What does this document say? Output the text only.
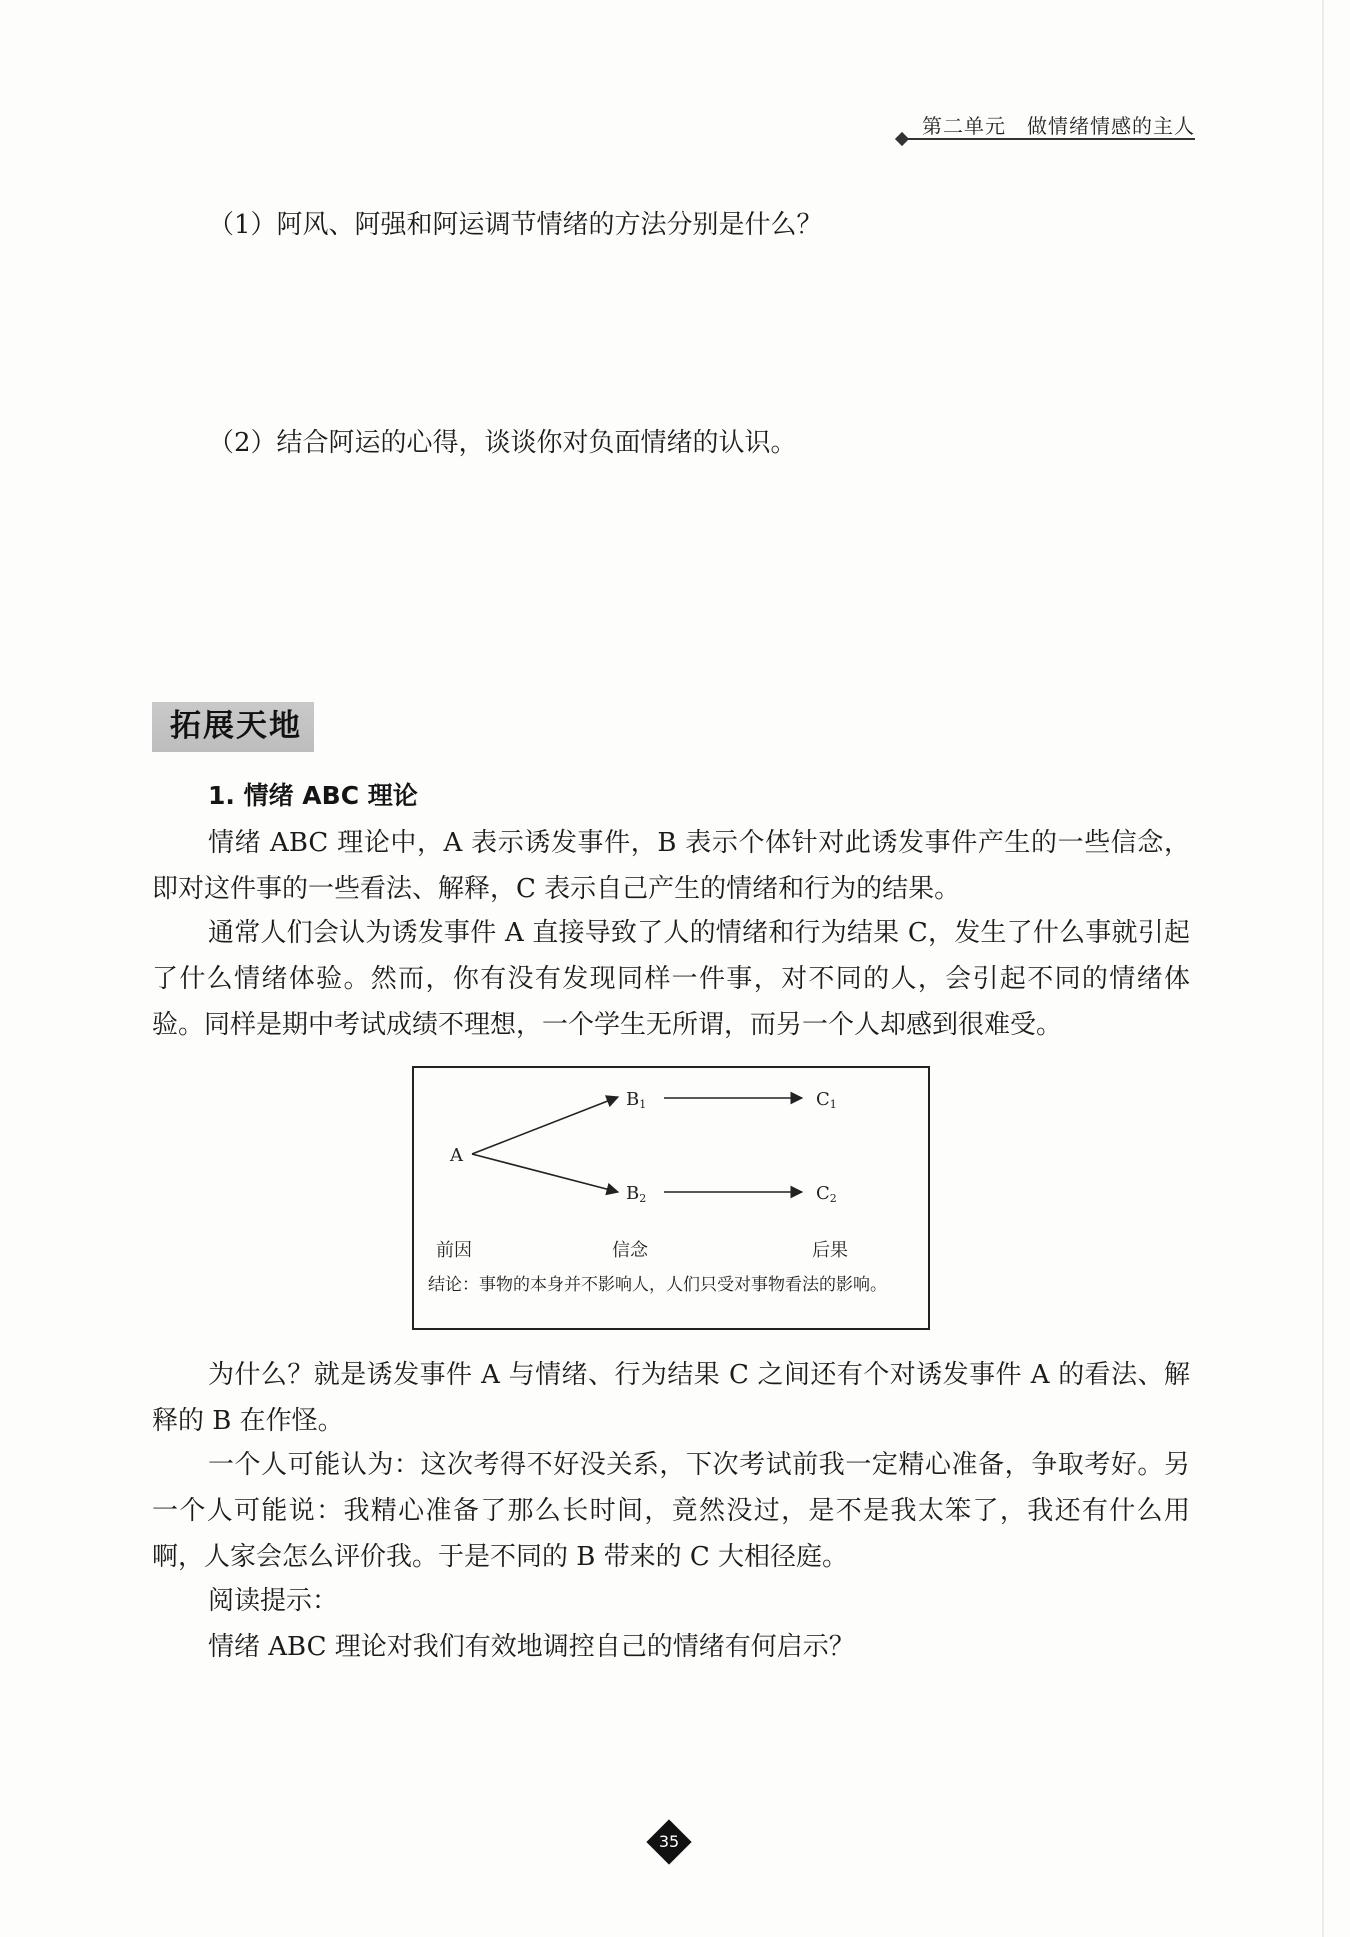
第二单元　做情绪情感的主人

（1）阿风、阿强和阿运调节情绪的方法分别是什么？

（2）结合阿运的心得，谈谈你对负面情绪的认识。

拓展天地
1. 情绪 ABC 理论

情绪 ABC 理论中，A 表示诱发事件，B 表示个体针对此诱发事件产生的一些信念，即对这件事的一些看法、解释，C 表示自己产生的情绪和行为的结果。

通常人们会认为诱发事件 A 直接导致了人的情绪和行为结果 C，发生了什么事就引起了什么情绪体验。然而，你有没有发现同样一件事，对不同的人，会引起不同的情绪体验。同样是期中考试成绩不理想，一个学生无所谓，而另一个人却感到很难受。

A
B1
B2
C1
C2
前因	信念	后果
结论：事物的本身并不影响人，人们只受对事物看法的影响。

为什么？就是诱发事件 A 与情绪、行为结果 C 之间还有个对诱发事件 A 的看法、解释的 B 在作怪。

一个人可能认为：这次考得不好没关系，下次考试前我一定精心准备，争取考好。另一个人可能说：我精心准备了那么长时间，竟然没过，是不是我太笨了，我还有什么用啊，人家会怎么评价我。于是不同的 B 带来的 C 大相径庭。

阅读提示：

情绪 ABC 理论对我们有效地调控自己的情绪有何启示？

35
